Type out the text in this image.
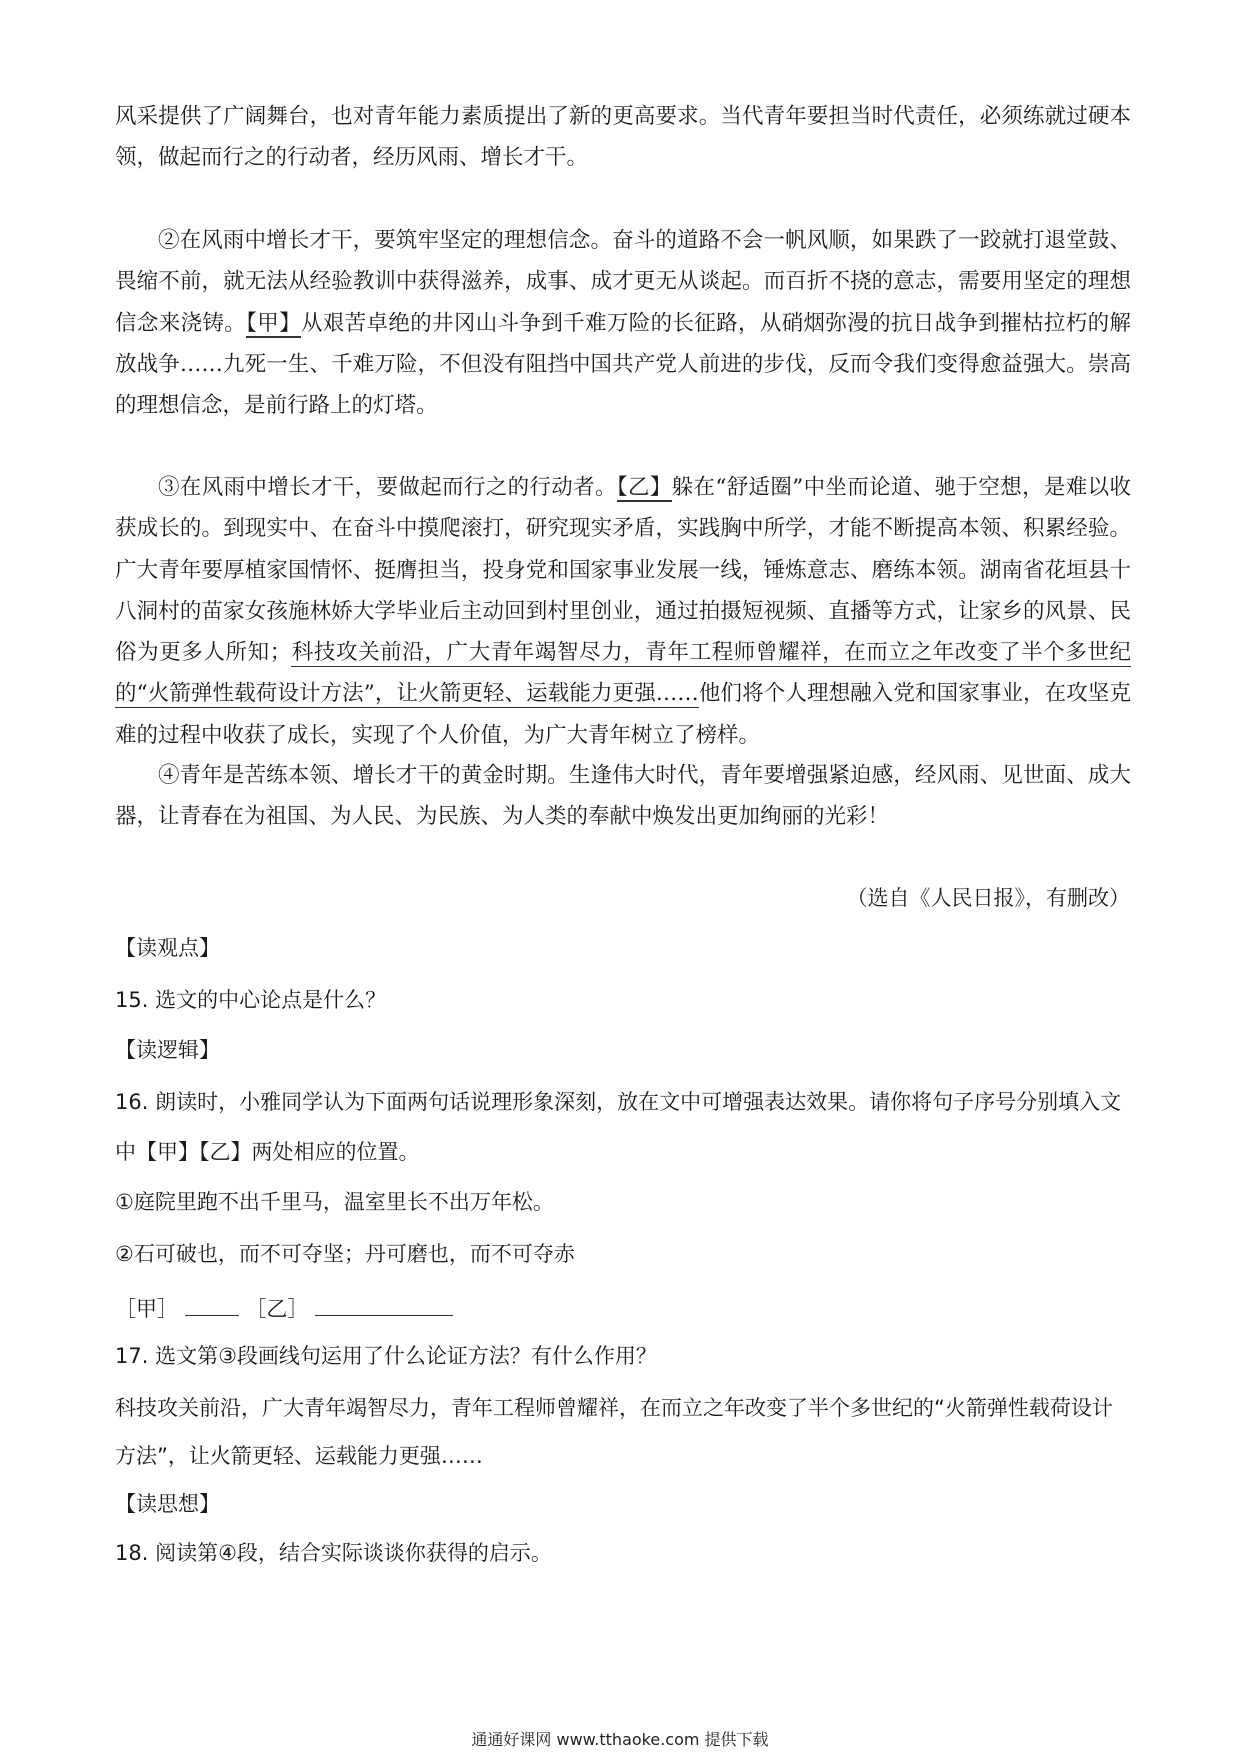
风采提供了广阔舞台，也对青年能力素质提出了新的更高要求。当代青年要担当时代责任，必须练就过硬本领，做起而行之的行动者，经历风雨、增长才干。

②在风雨中增长才干，要筑牢坚定的理想信念。奋斗的道路不会一帆风顺，如果跌了一跤就打退堂鼓、畏缩不前，就无法从经验教训中获得滋养，成事、成才更无从谈起。而百折不挠的意志，需要用坚定的理想信念来浇铸。【甲】从艰苦卓绝的井冈山斗争到千难万险的长征路，从硝烟弥漫的抗日战争到摧枯拉朽的解放战争……九死一生、千难万险，不但没有阻挡中国共产党人前进的步伐，反而令我们变得愈益强大。崇高的理想信念，是前行路上的灯塔。

③在风雨中增长才干，要做起而行之的行动者。【乙】躲在“舒适圈”中坐而论道、驰于空想，是难以收获成长的。到现实中、在奋斗中摸爬滚打，研究现实矛盾，实践胸中所学，才能不断提高本领、积累经验。广大青年要厚植家国情怀、挺膺担当，投身党和国家事业发展一线，锤炼意志、磨练本领。湖南省花垣县十八洞村的苗家女孩施林娇大学毕业后主动回到村里创业，通过拍摄短视频、直播等方式，让家乡的风景、民俗为更多人所知；科技攻关前沿，广大青年竭智尽力，青年工程师曾耀祥，在而立之年改变了半个多世纪的“火箭弹性载荷设计方法”，让火箭更轻、运载能力更强……他们将个人理想融入党和国家事业，在攻坚克难的过程中收获了成长，实现了个人价值，为广大青年树立了榜样。

④青年是苦练本领、增长才干的黄金时期。生逢伟大时代，青年要增强紧迫感，经风雨、见世面、成大器，让青春在为祖国、为人民、为民族、为人类的奉献中焕发出更加绚丽的光彩！

（选自《人民日报》，有删改）

【读观点】

15. 选文的中心论点是什么？

【读逻辑】

16. 朗读时，小雅同学认为下面两句话说理形象深刻，放在文中可增强表达效果。请你将句子序号分别填入文中【甲】【乙】两处相应的位置。

①庭院里跑不出千里马，温室里长不出万年松。

②石可破也，而不可夺坚；丹可磨也，而不可夺赤

［甲］	［乙］

17. 选文第③段画线句运用了什么论证方法？有什么作用？

科技攻关前沿，广大青年竭智尽力，青年工程师曾耀祥，在而立之年改变了半个多世纪的“火箭弹性载荷设计方法”，让火箭更轻、运载能力更强……

【读思想】

18. 阅读第④段，结合实际谈谈你获得的启示。

通通好课网 www.tthaoke.com 提供下载
